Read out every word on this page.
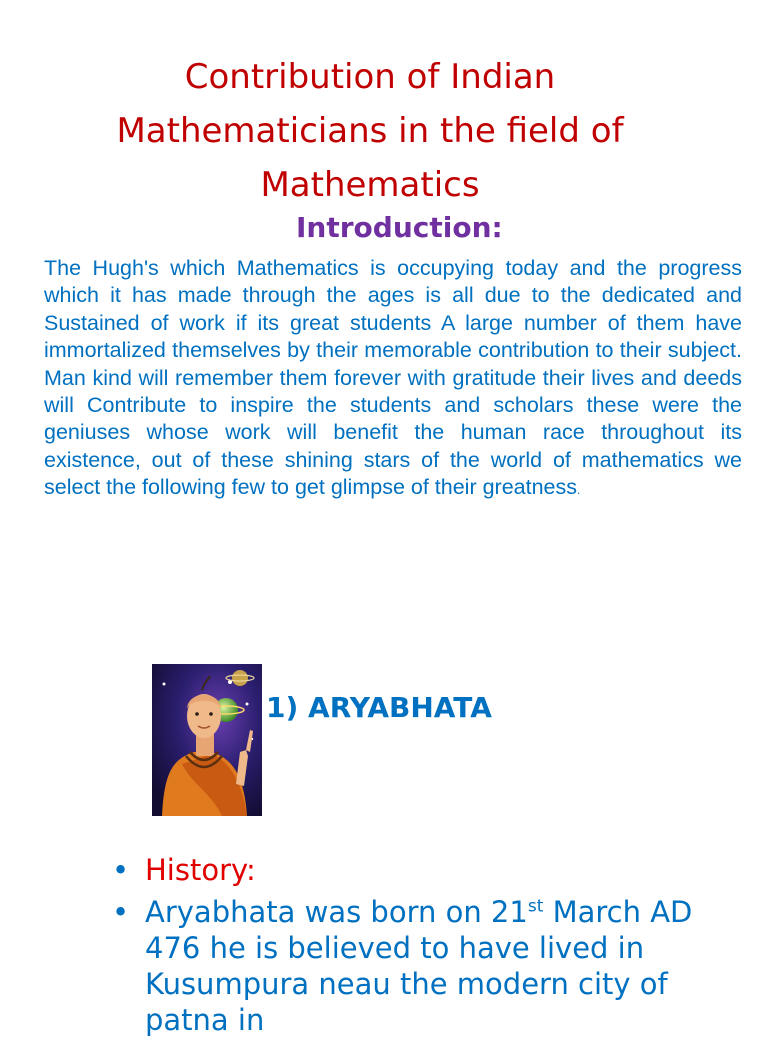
Contribution of Indian
Mathematicians in the field of
Mathematics
Introduction:

The Hugh's which Mathematics is occupying today and the progress which it has made through the ages is all due to the dedicated and Sustained of work if its great students A large number of them have immortalized themselves by their memorable contribution to their subject. Man kind will remember them forever with gratitude their lives and deeds will Contribute to inspire the students and scholars these were the geniuses whose work will benefit the human race throughout its existence, out of these shining stars of the world of mathematics we select the following few to get glimpse of their greatness.

1) ARYABHATA
• History:
• Aryabhata was born on 21st March AD 476 he is believed to have lived in Kusumpura neau the modern city of patna in
